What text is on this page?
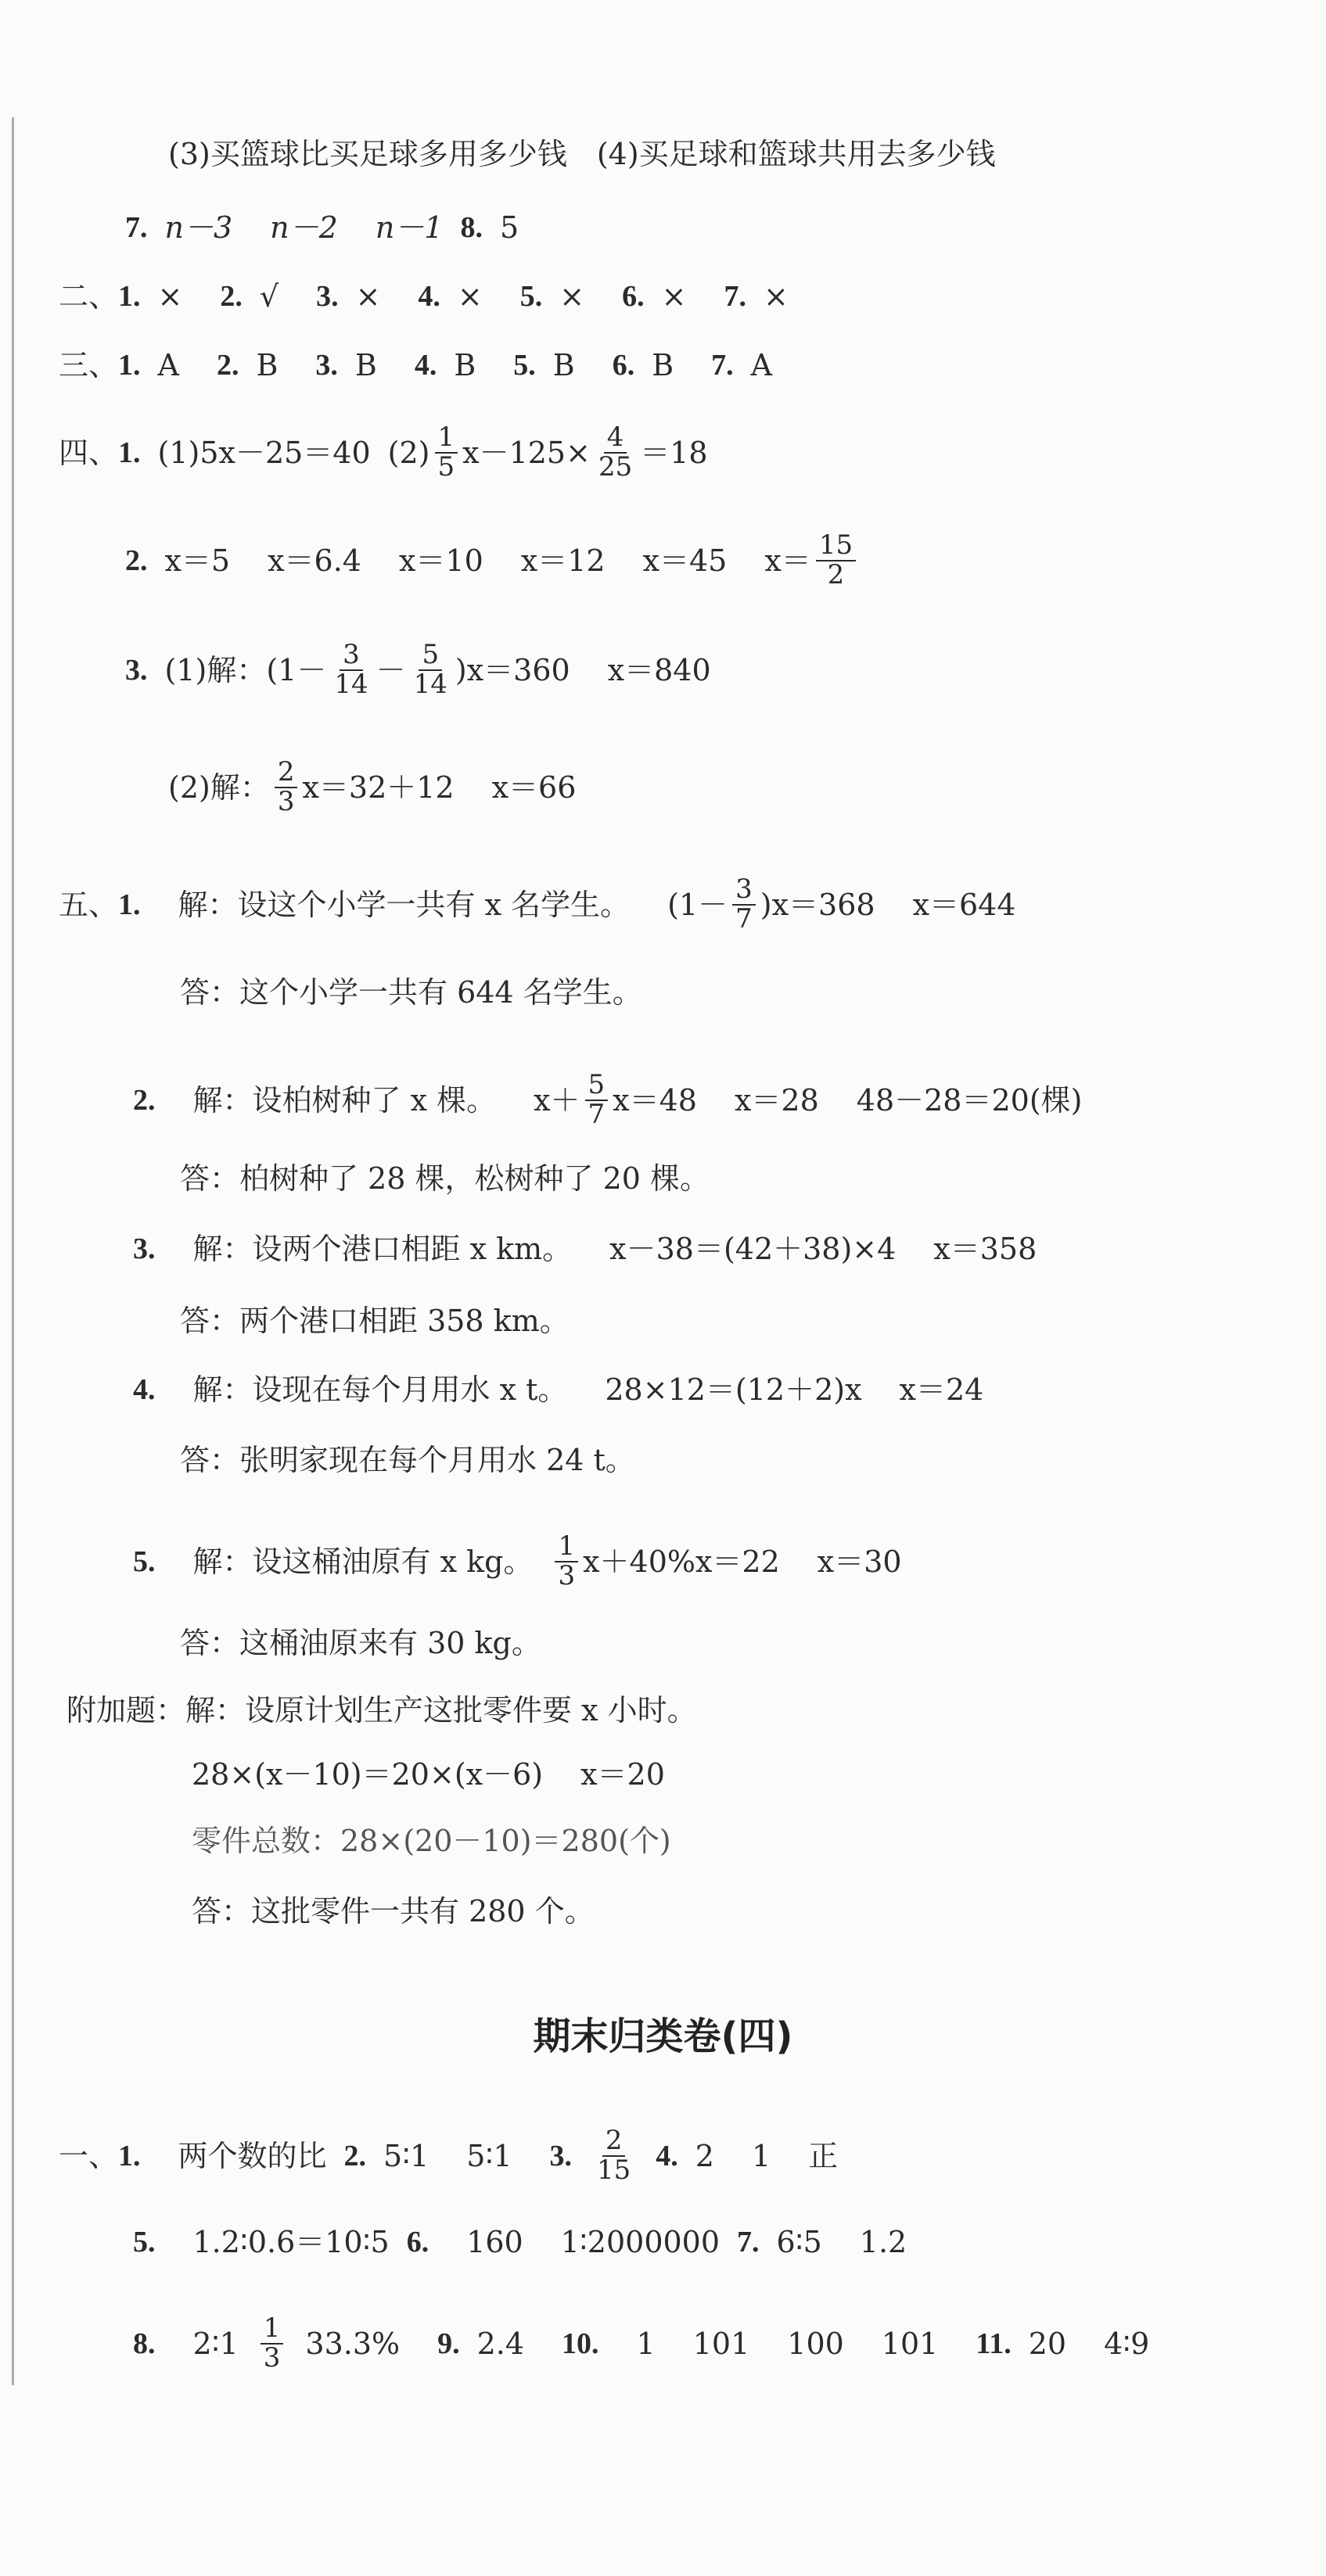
(3)买篮球比买足球多用多少钱　(4)买足球和篮球共用去多少钱
7. n－3 n－2 n－1 8. 5
二、 1. × 2. √ 3. × 4. × 5. × 6. × 7. ×
三、 1. A 2. B 3. B 4. B 5. B 6. B 7. A
四、 1. (1)5x－25＝40 $(2) \frac{1}{5} x-125\times \frac{4}{25} =18$
2. x＝5 x＝6.4 x＝10 x＝12 x＝45 $x= \frac{15}{2}$
3. (1)解：$(1- \frac{3}{14} - \frac{5}{14} )x=360$ x＝840
(2)解： $\frac{2}{3} x=32+12$ x＝66
五、 1. 解：设这个小学一共有 x 名学生。 $(1- \frac{3}{7} )x=368$ x＝644
答：这个小学一共有 644 名学生。
2. 解：设柏树种了 x 棵。 $x+ \frac{5}{7} x=48$ x＝28 48－28＝20(棵)
答：柏树种了 28 棵，松树种了 20 棵。
3. 解：设两个港口相距 x km。 x－38＝(42＋38)×4 x＝358
答：两个港口相距 358 km。
4. 解：设现在每个月用水 x t。 28×12＝(12＋2)x x＝24
答：张明家现在每个月用水 24 t。
5. 解：设这桶油原有 x kg。 $\frac{1}{3} x+40\%x=22$ x＝30
答：这桶油原来有 30 kg。
附加题：解：设原计划生产这批零件要 x 小时。
28×(x－10)＝20×(x－6) x＝20
零件总数：28×(20－10)＝280(个)
答：这批零件一共有 280 个。
期末归类卷(四)
一、 1. 两个数的比 2. 5∶1 5∶1 3. $\frac{2}{15} 4$. 2 1 正
5. 1.2∶0.6＝10∶5 6. 160 1∶2000000 7. 6∶5 1.2
8. 2∶1 $\frac{1}{3} 33.3\%$ 9. 2.4 10. 1 101 100 101 11. 20 4∶9
